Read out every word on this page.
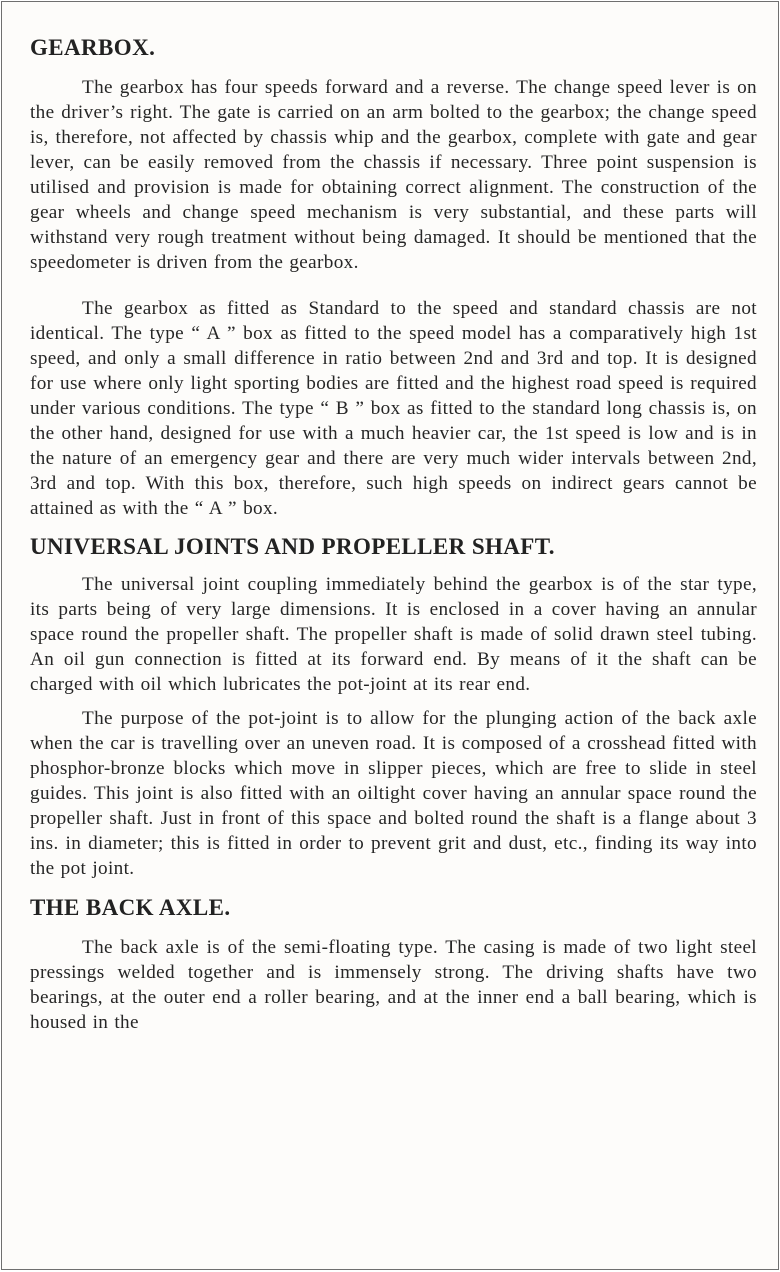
GEARBOX.

The gearbox has four speeds forward and a reverse. The change speed lever is on the driver’s right. The gate is carried on an arm bolted to the gearbox; the change speed is, therefore, not affected by chassis whip and the gearbox, complete with gate and gear lever, can be easily removed from the chassis if necessary. Three point suspension is utilised and provision is made for obtaining correct alignment. The construction of the gear wheels and change speed mechanism is very substantial, and these parts will withstand very rough treatment without being damaged. It should be mentioned that the speedometer is driven from the gearbox.

The gearbox as fitted as Standard to the speed and standard chassis are not identical. The type “ A ” box as fitted to the speed model has a comparatively high 1st speed, and only a small difference in ratio between 2nd and 3rd and top. It is designed for use where only light sporting bodies are fitted and the highest road speed is required under various conditions. The type “ B ” box as fitted to the standard long chassis is, on the other hand, designed for use with a much heavier car, the 1st speed is low and is in the nature of an emergency gear and there are very much wider intervals between 2nd, 3rd and top. With this box, therefore, such high speeds on indirect gears cannot be attained as with the “ A ” box.

UNIVERSAL JOINTS AND PROPELLER SHAFT.

The universal joint coupling immediately behind the gearbox is of the star type, its parts being of very large dimensions. It is enclosed in a cover having an annular space round the propeller shaft. The propeller shaft is made of solid drawn steel tubing. An oil gun connection is fitted at its forward end. By means of it the shaft can be charged with oil which lubricates the pot-joint at its rear end.

The purpose of the pot-joint is to allow for the plunging action of the back axle when the car is travelling over an uneven road. It is composed of a crosshead fitted with phosphor-bronze blocks which move in slipper pieces, which are free to slide in steel guides. This joint is also fitted with an oiltight cover having an annular space round the propeller shaft. Just in front of this space and bolted round the shaft is a flange about 3 ins. in diameter; this is fitted in order to prevent grit and dust, etc., finding its way into the pot joint.

THE BACK AXLE.

The back axle is of the semi-floating type. The casing is made of two light steel pressings welded together and is immensely strong. The driving shafts have two bearings, at the outer end a roller bearing, and at the inner end a ball bearing, which is housed in the
